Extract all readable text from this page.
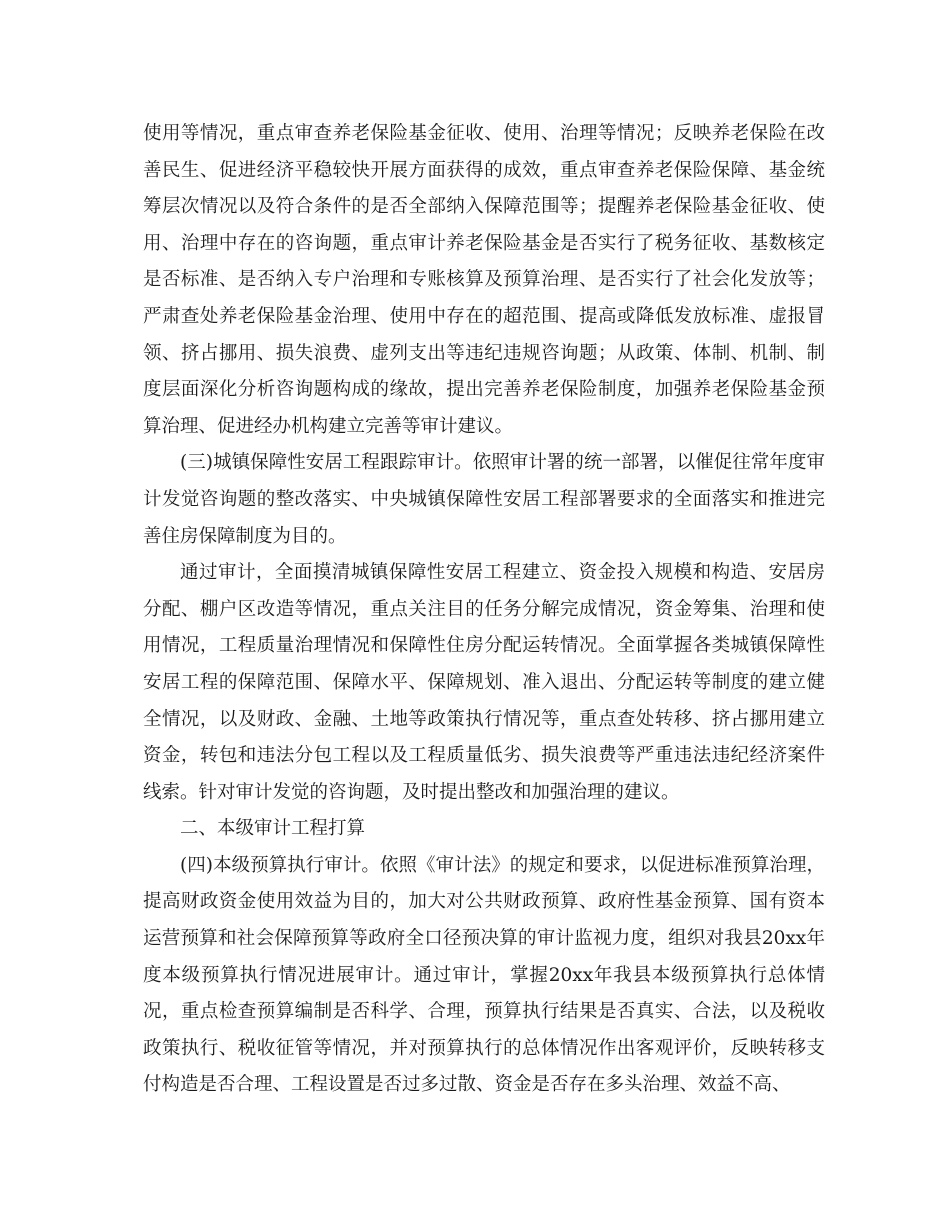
使用等情况，重点审查养老保险基金征收、使用、治理等情况；反映养老保险在改善民生、促进经济平稳较快开展方面获得的成效，重点审查养老保险保障、基金统筹层次情况以及符合条件的是否全部纳入保障范围等；提醒养老保险基金征收、使用、治理中存在的咨询题，重点审计养老保险基金是否实行了税务征收、基数核定是否标准、是否纳入专户治理和专账核算及预算治理、是否实行了社会化发放等；严肃查处养老保险基金治理、使用中存在的超范围、提高或降低发放标准、虚报冒领、挤占挪用、损失浪费、虚列支出等违纪违规咨询题；从政策、体制、机制、制度层面深化分析咨询题构成的缘故，提出完善养老保险制度，加强养老保险基金预算治理、促进经办机构建立完善等审计建议。

(三)城镇保障性安居工程跟踪审计。依照审计署的统一部署，以催促往常年度审计发觉咨询题的整改落实、中央城镇保障性安居工程部署要求的全面落实和推进完善住房保障制度为目的。

通过审计，全面摸清城镇保障性安居工程建立、资金投入规模和构造、安居房分配、棚户区改造等情况，重点关注目的任务分解完成情况，资金筹集、治理和使用情况，工程质量治理情况和保障性住房分配运转情况。全面掌握各类城镇保障性安居工程的保障范围、保障水平、保障规划、准入退出、分配运转等制度的建立健全情况，以及财政、金融、土地等政策执行情况等，重点查处转移、挤占挪用建立资金，转包和违法分包工程以及工程质量低劣、损失浪费等严重违法违纪经济案件线索。针对审计发觉的咨询题，及时提出整改和加强治理的建议。

二、本级审计工程打算

(四)本级预算执行审计。依照《审计法》的规定和要求，以促进标准预算治理，提高财政资金使用效益为目的，加大对公共财政预算、政府性基金预算、国有资本运营预算和社会保障预算等政府全口径预决算的审计监视力度，组织对我县20xx年度本级预算执行情况进展审计。通过审计，掌握20xx年我县本级预算执行总体情况，重点检查预算编制是否科学、合理，预算执行结果是否真实、合法，以及税收政策执行、税收征管等情况，并对预算执行的总体情况作出客观评价，反映转移支付构造是否合理、工程设置是否过多过散、资金是否存在多头治理、效益不高、
